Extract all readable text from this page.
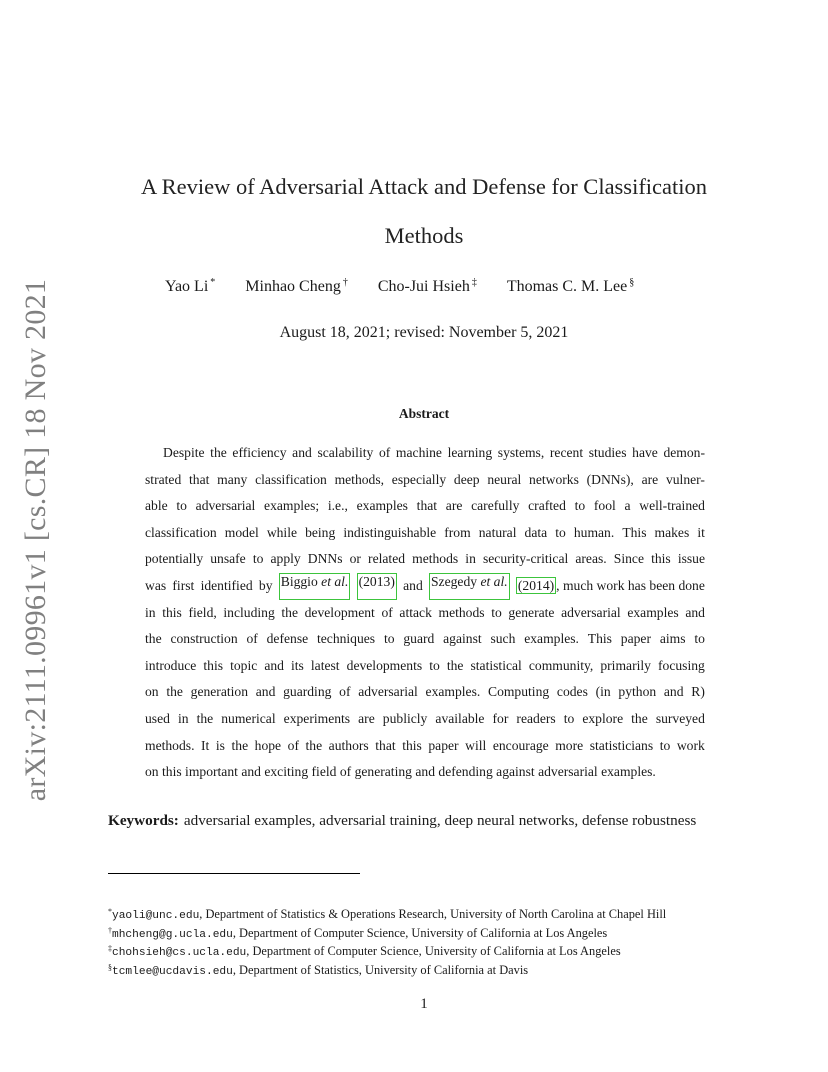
arXiv:2111.09961v1 [cs.CR] 18 Nov 2021
A Review of Adversarial Attack and Defense for Classification
Methods
Yao Li * Minhao Cheng † Cho-Jui Hsieh ‡ Thomas C. M. Lee §
August 18, 2021; revised: November 5, 2021
Abstract
Despite the efficiency and scalability of machine learning systems, recent studies have demon-
strated that many classification methods, especially deep neural networks (DNNs), are vulner-
able to adversarial examples; i.e., examples that are carefully crafted to fool a well-trained
classification model while being indistinguishable from natural data to human. This makes it
potentially unsafe to apply DNNs or related methods in security-critical areas. Since this issue
was first identified by Biggio et al. (2013) and Szegedy et al. (2014) , much work has been done
in this field, including the development of attack methods to generate adversarial examples and
the construction of defense techniques to guard against such examples. This paper aims to
introduce this topic and its latest developments to the statistical community, primarily focusing
on the generation and guarding of adversarial examples. Computing codes (in python and R)
used in the numerical experiments are publicly available for readers to explore the surveyed
methods. It is the hope of the authors that this paper will encourage more statisticians to work
on this important and exciting field of generating and defending against adversarial examples.
Keywords: adversarial examples, adversarial training, deep neural networks, defense robustness
*yaoli@unc.edu, Department of Statistics & Operations Research, University of North Carolina at Chapel Hill
†mhcheng@g.ucla.edu, Department of Computer Science, University of California at Los Angeles
‡chohsieh@cs.ucla.edu, Department of Computer Science, University of California at Los Angeles
§tcmlee@ucdavis.edu, Department of Statistics, University of California at Davis
1
